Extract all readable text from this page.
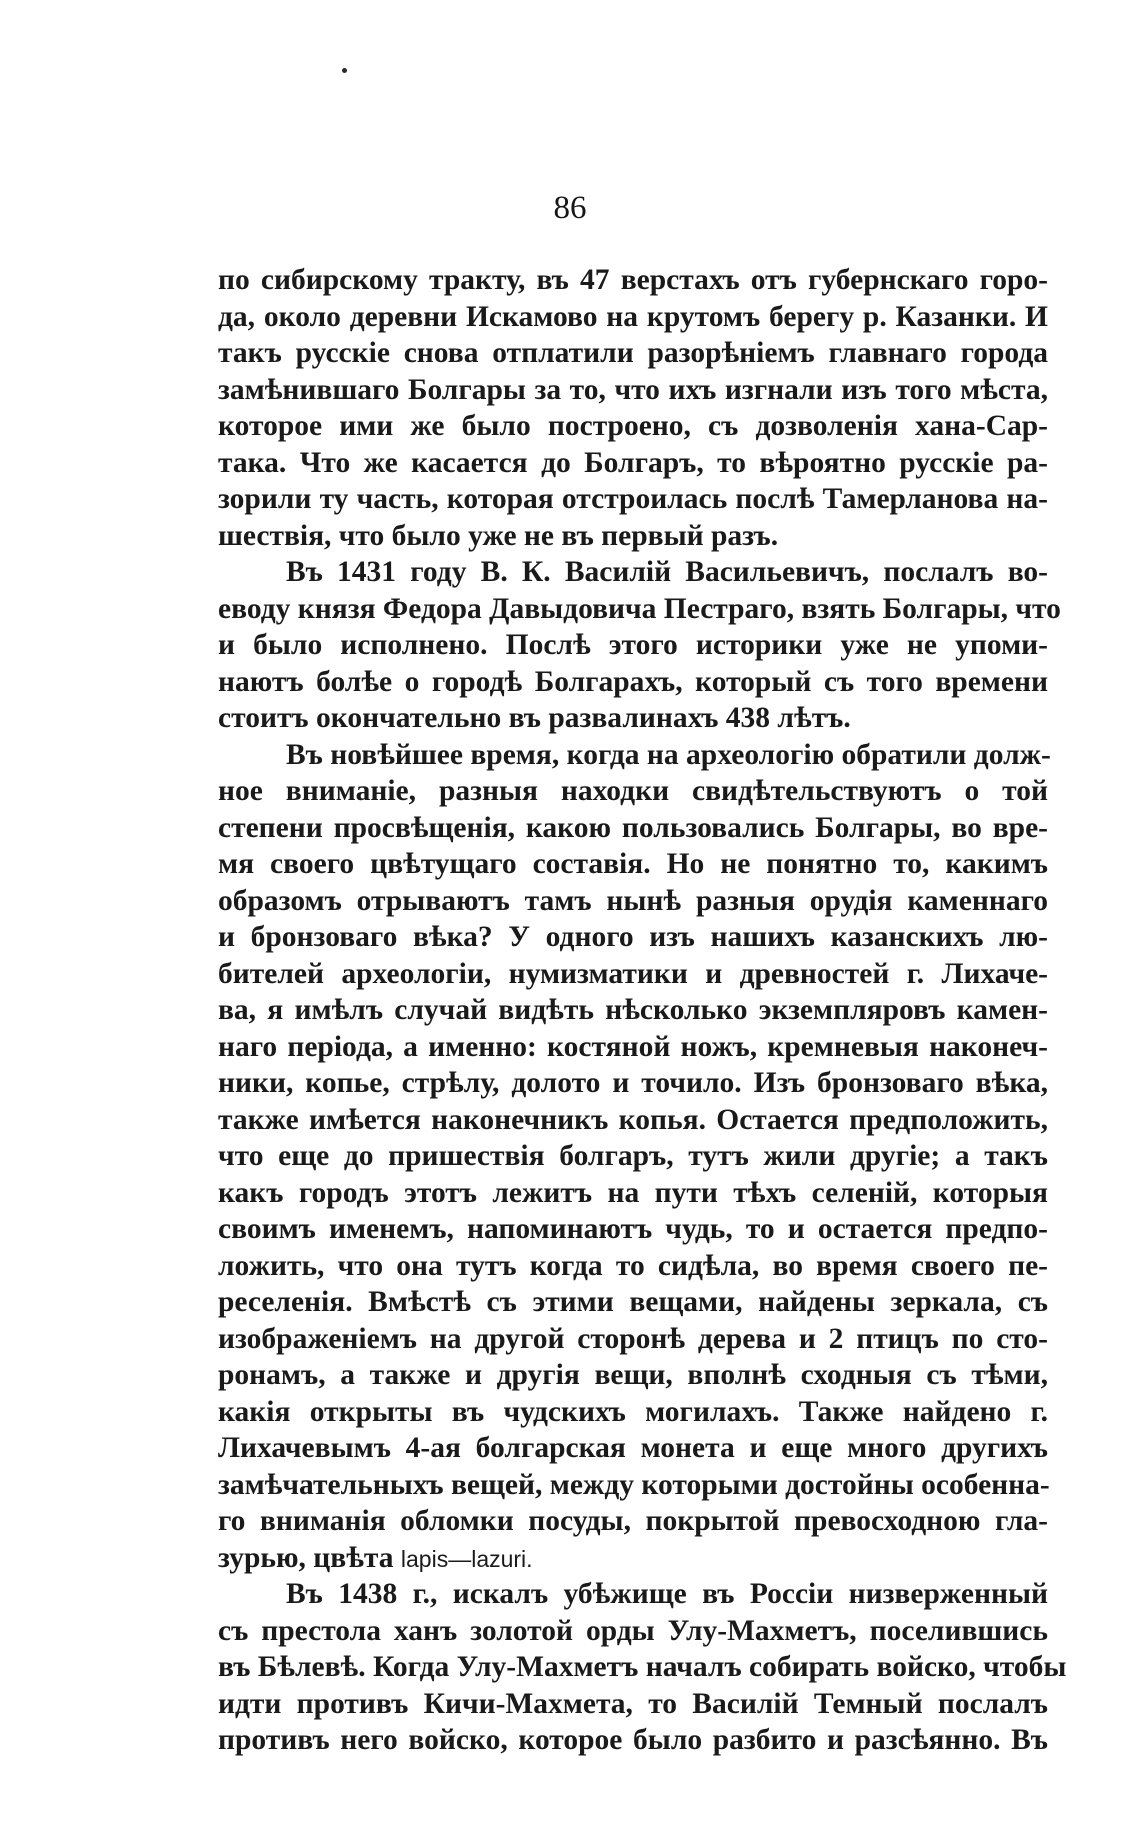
86
по сибирскому тракту, въ 47 верстахъ отъ губернскаго горо-
да, около деревни Искамово на крутомъ берегу р. Казанки. И
такъ русскіе снова отплатили разорѣніемъ главнаго города
замѣнившаго Болгары за то, что ихъ изгнали изъ того мѣста,
которое ими же было построено, съ дозволенія хана-Сар-
така. Что же касается до Болгаръ, то вѣроятно русскіе ра-
зорили ту часть, которая отстроилась послѣ Тамерланова на-
шествія, что было уже не въ первый разъ.
Въ 1431 году В. К. Василій Васильевичъ, послалъ во-
еводу князя Федора Давыдовича Пестраго, взять Болгары, что
и было исполнено. Послѣ этого историки уже не упоми-
наютъ болѣе о городѣ Болгарахъ, который съ того времени
стоитъ окончательно въ развалинахъ 438 лѣтъ.
Въ новѣйшее время, когда на археологію обратили долж-
ное вниманіе, разныя находки свидѣтельствуютъ о той
степени просвѣщенія, какою пользовались Болгары, во вре-
мя своего цвѣтущаго составія. Но не понятно то, какимъ
образомъ отрываютъ тамъ нынѣ разныя орудія каменнаго
и бронзоваго вѣка? У одного изъ нашихъ казанскихъ лю-
бителей археологіи, нумизматики и древностей г. Лихаче-
ва, я имѣлъ случай видѣть нѣсколько экземпляровъ камен-
наго періода, а именно: костяной ножъ, кремневыя наконеч-
ники, копье, стрѣлу, долото и точило. Изъ бронзоваго вѣка,
также имѣется наконечникъ копья. Остается предположить,
что еще до пришествія болгаръ, тутъ жили другіе; а такъ
какъ городъ этотъ лежитъ на пути тѣхъ селеній, которыя
своимъ именемъ, напоминаютъ чудь, то и остается предпо-
ложить, что она тутъ когда то сидѣла, во время своего пе-
реселенія. Вмѣстѣ съ этими вещами, найдены зеркала, съ
изображеніемъ на другой сторонѣ дерева и 2 птицъ по сто-
ронамъ, а также и другія вещи, вполнѣ сходныя съ тѣми,
какія открыты въ чудскихъ могилахъ. Также найдено г.
Лихачевымъ 4-ая болгарская монета и еще много другихъ
замѣчательныхъ вещей, между которыми достойны особенна-
го вниманія обломки посуды, покрытой превосходною гла-
зурью, цвѣта lapis—lazuri.
Въ 1438 г., искалъ убѣжище въ Россіи низверженный
съ престола ханъ золотой орды Улу-Махметъ, поселившись
въ Бѣлевѣ. Когда Улу-Махметъ началъ собирать войско, чтобы
идти противъ Кичи-Махмета, то Василій Темный послалъ
противъ него войско, которое было разбито и разсѣянно. Въ
